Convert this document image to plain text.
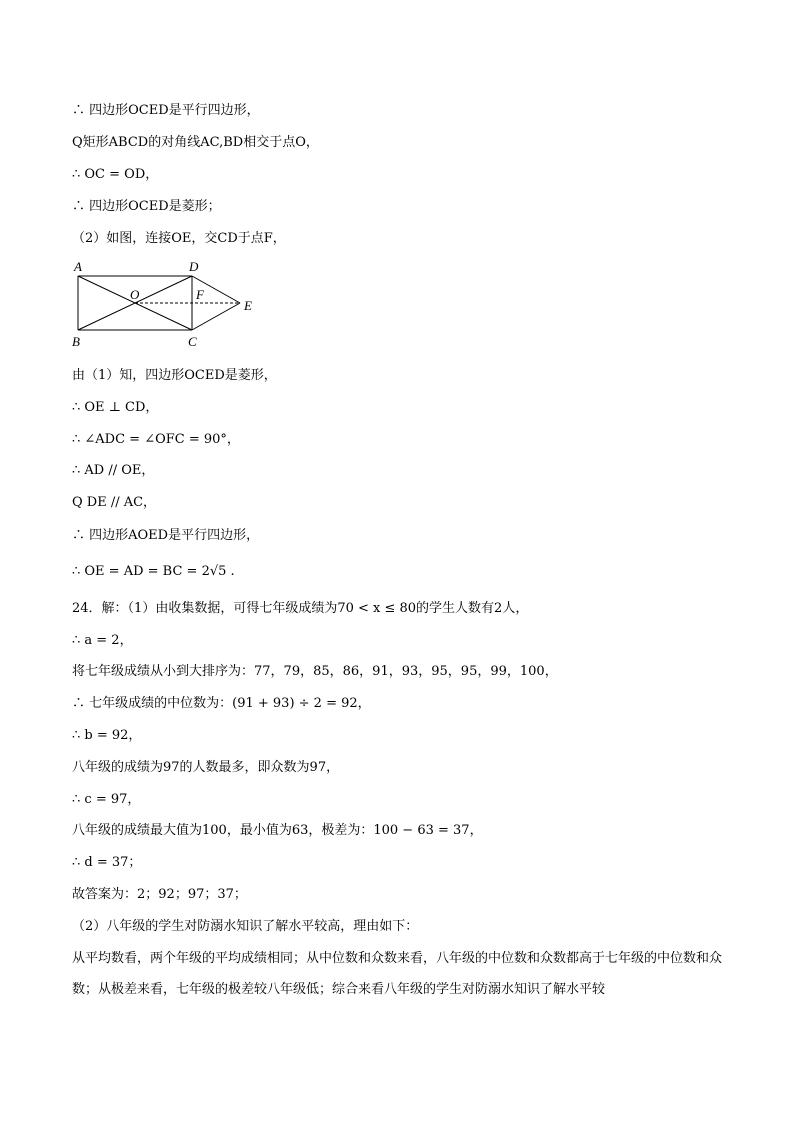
∴ 四边形OCED是平行四边形，
Q矩形ABCD的对角线AC,BD相交于点O，
∴ OC = OD，
∴ 四边形OCED是菱形；
（2）如图，连接OE，交CD于点F，
A	D
O	F
E
B	C
由（1）知，四边形OCED是菱形，
∴ OE ⊥ CD，
∴ ∠ADC = ∠OFC = 90°，
∴ AD // OE，
Q DE // AC，
∴ 四边形AOED是平行四边形，
∴ OE = AD = BC = 2√5 .
24．解：（1）由收集数据，可得七年级成绩为70 < x ≤ 80的学生人数有2人，
∴ a = 2，
将七年级成绩从小到大排序为：77，79，85，86，91，93，95，95，99，100，
∴ 七年级成绩的中位数为：(91 + 93) ÷ 2 = 92，
∴ b = 92，
八年级的成绩为97的人数最多，即众数为97，
∴ c = 97，
八年级的成绩最大值为100，最小值为63，极差为：100 − 63 = 37，
∴ d = 37；
故答案为：2；92；97；37；
（2）八年级的学生对防溺水知识了解水平较高，理由如下：
从平均数看，两个年级的平均成绩相同；从中位数和众数来看，八年级的中位数和众数都高于七年级的中位数和众数；从极差来看，七年级的极差较八年级低；综合来看八年级的学生对防溺水知识了解水平较
